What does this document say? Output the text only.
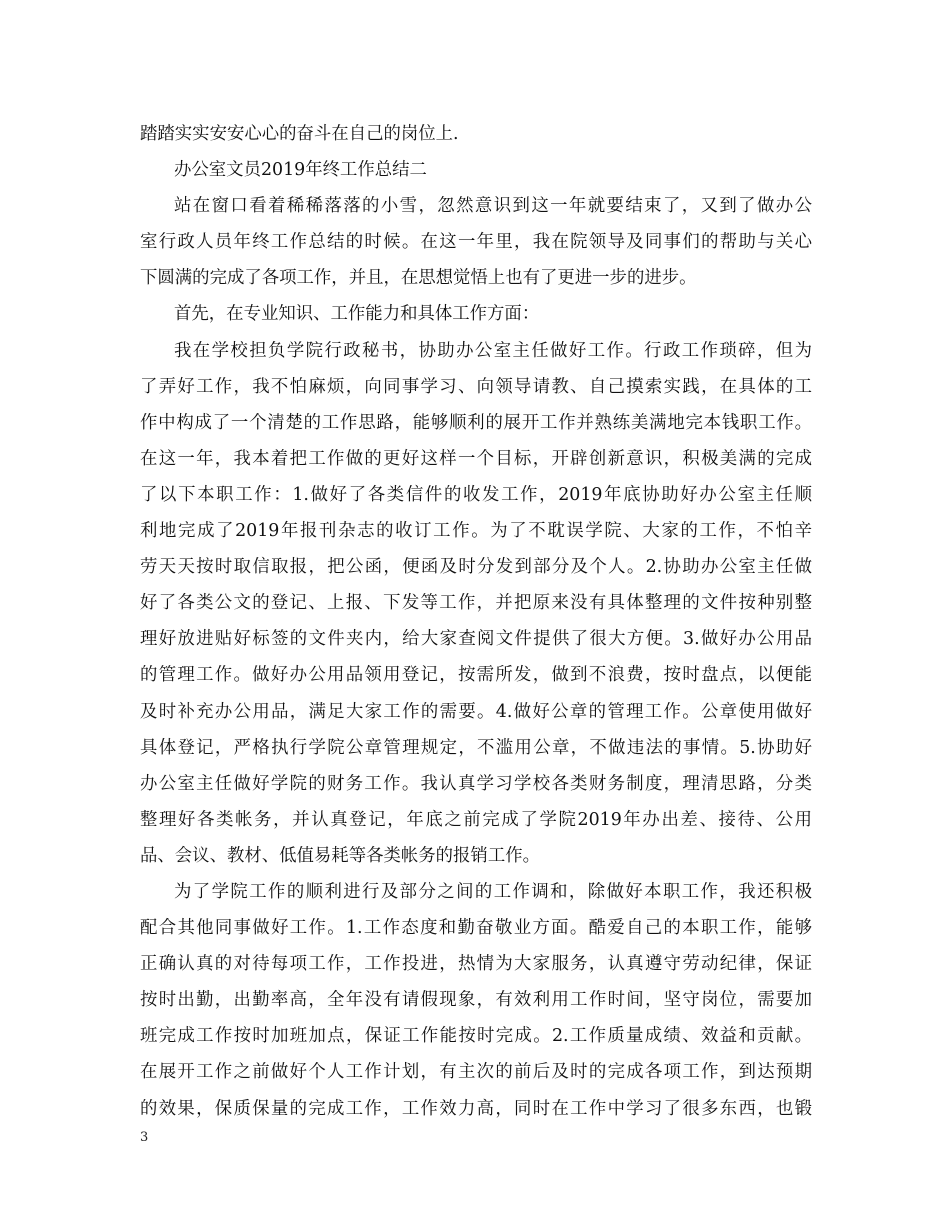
踏踏实实安安心心的奋斗在自己的岗位上.
办公室文员2019年终工作总结二
站在窗口看着稀稀落落的小雪，忽然意识到这一年就要结束了，又到了做办公
室行政人员年终工作总结的时候。在这一年里，我在院领导及同事们的帮助与关心
下圆满的完成了各项工作，并且，在思想觉悟上也有了更进一步的进步。
首先，在专业知识、工作能力和具体工作方面：
我在学校担负学院行政秘书，协助办公室主任做好工作。行政工作琐碎，但为
了弄好工作，我不怕麻烦，向同事学习、向领导请教、自己摸索实践，在具体的工
作中构成了一个清楚的工作思路，能够顺利的展开工作并熟练美满地完本钱职工作。
在这一年，我本着把工作做的更好这样一个目标，开辟创新意识，积极美满的完成
了以下本职工作：1.做好了各类信件的收发工作，2019年底协助好办公室主任顺
利地完成了2019年报刊杂志的收订工作。为了不耽误学院、大家的工作，不怕辛
劳天天按时取信取报，把公函，便函及时分发到部分及个人。2.协助办公室主任做
好了各类公文的登记、上报、下发等工作，并把原来没有具体整理的文件按种别整
理好放进贴好标签的文件夹内，给大家查阅文件提供了很大方便。3.做好办公用品
的管理工作。做好办公用品领用登记，按需所发，做到不浪费，按时盘点，以便能
及时补充办公用品，满足大家工作的需要。4.做好公章的管理工作。公章使用做好
具体登记，严格执行学院公章管理规定，不滥用公章，不做违法的事情。5.协助好
办公室主任做好学院的财务工作。我认真学习学校各类财务制度，理清思路，分类
整理好各类帐务，并认真登记，年底之前完成了学院2019年办出差、接待、公用
品、会议、教材、低值易耗等各类帐务的报销工作。
为了学院工作的顺利进行及部分之间的工作调和，除做好本职工作，我还积极
配合其他同事做好工作。1.工作态度和勤奋敬业方面。酷爱自己的本职工作，能够
正确认真的对待每项工作，工作投进，热情为大家服务，认真遵守劳动纪律，保证
按时出勤，出勤率高，全年没有请假现象，有效利用工作时间，坚守岗位，需要加
班完成工作按时加班加点，保证工作能按时完成。2.工作质量成绩、效益和贡献。
在展开工作之前做好个人工作计划，有主次的前后及时的完成各项工作，到达预期
的效果，保质保量的完成工作，工作效力高，同时在工作中学习了很多东西，也锻
3
